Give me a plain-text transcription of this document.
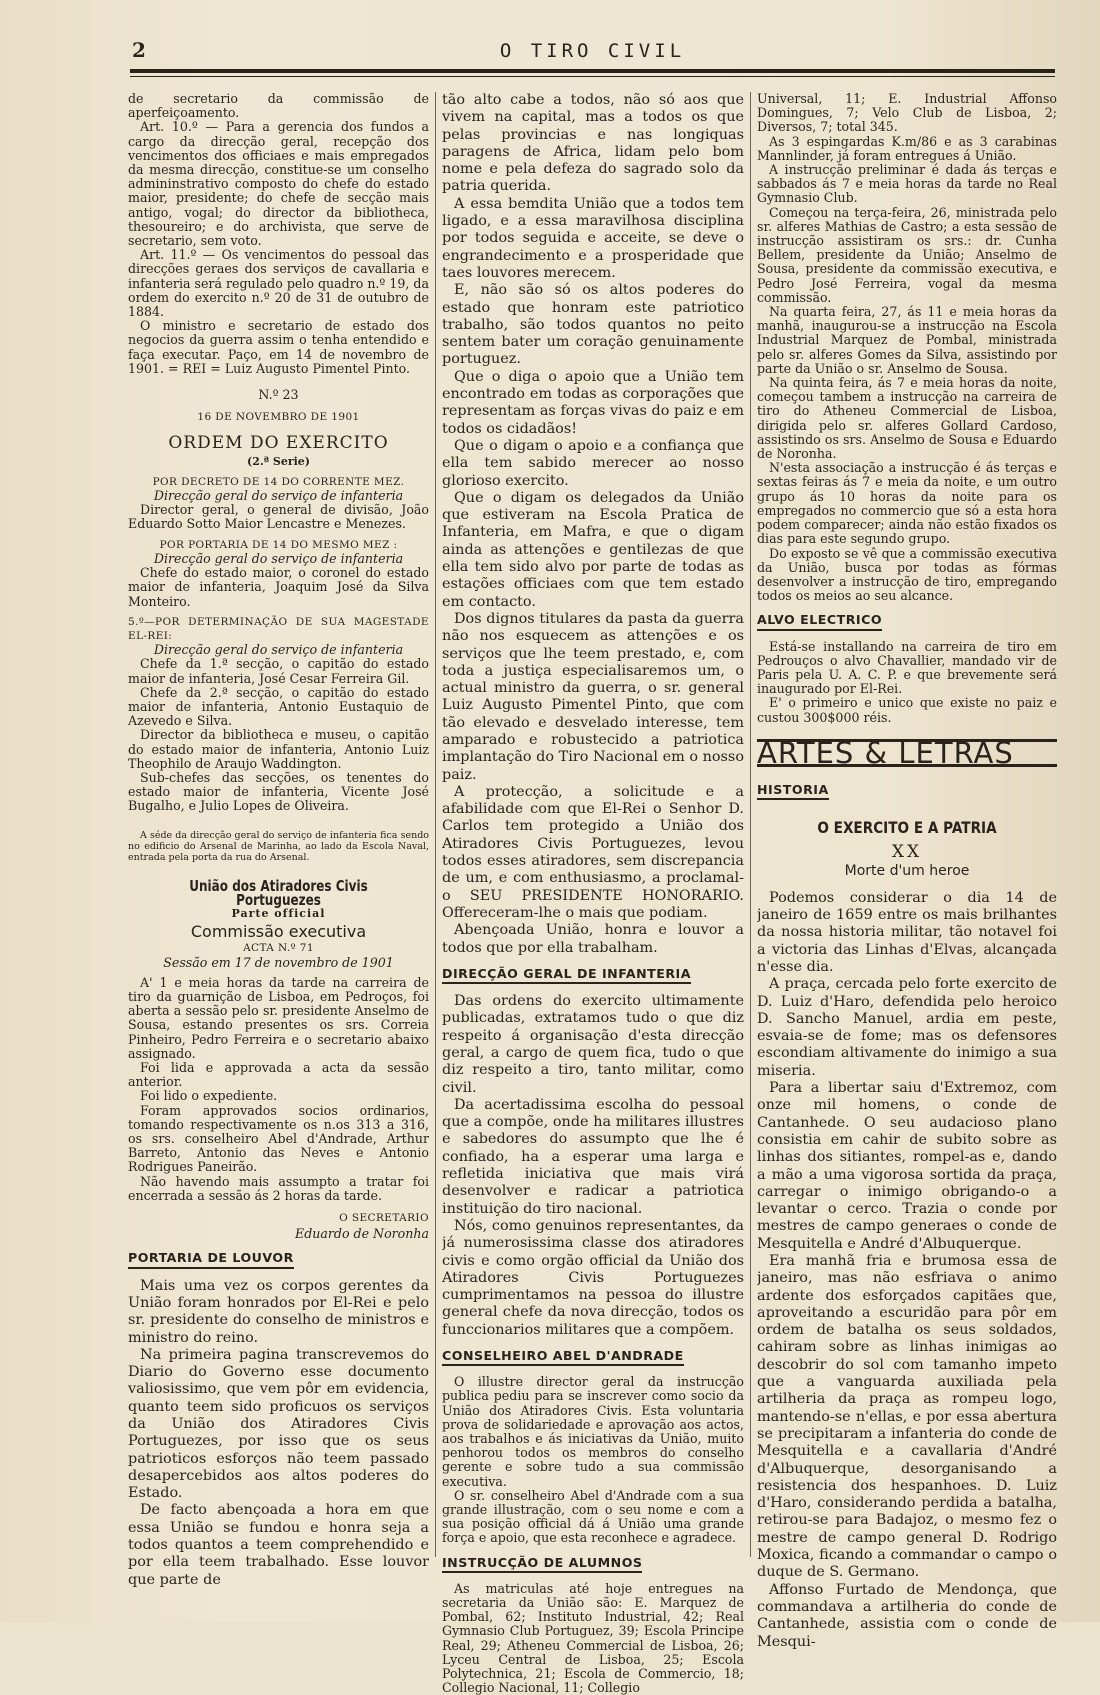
2	O TIRO CIVIL

de secretario da commissão de aperfeiçoamento.

Art. 10.º — Para a gerencia dos fundos a cargo da direcção geral, recepção dos vencimentos dos officiaes e mais empregados da mesma direcção, constitue-se um conselho admininstrativo composto do chefe do estado maior, presidente; do chefe de secção mais antigo, vogal; do director da bibliotheca, thesoureiro; e do archivista, que serve de secretario, sem voto.

Art. 11.º — Os vencimentos do pessoal das direcções geraes dos serviços de cavallaria e infanteria será regulado pelo quadro n.º 19, da ordem do exercito n.º 20 de 31 de outubro de 1884.

O ministro e secretario de estado dos negocios da guerra assim o tenha entendido e faça executar. Paço, em 14 de novembro de 1901. = REI = Luiz Augusto Pimentel Pinto.

N.º 23

16 DE NOVEMBRO DE 1901

ORDEM DO EXERCITO

(2.ª Serie)

POR DECRETO DE 14 DO CORRENTE MEZ.

Direcção geral do serviço de infanteria

Director geral, o general de divisão, João Eduardo Sotto Maior Lencastre e Menezes.

POR PORTARIA DE 14 DO MESMO MEZ :

Direcção geral do serviço de infanteria

Chefe do estado maior, o coronel do estado maior de infanteria, Joaquim José da Silva Monteiro.

5.º—POR DETERMINAÇÃO DE SUA MAGESTADE EL-REI:

Direcção geral do serviço de infanteria

Chefe da 1.ª secção, o capitão do estado maior de infanteria, José Cesar Ferreira Gil.

Chefe da 2.ª secção, o capitão do estado maior de infanteria, Antonio Eustaquio de Azevedo e Silva.

Director da bibliotheca e museu, o capitão do estado maior de infanteria, Antonio Luiz Theophilo de Araujo Waddington.

Sub-chefes das secções, os tenentes do estado maior de infanteria, Vicente José Bugalho, e Julio Lopes de Oliveira.

A séde da direcção geral do serviço de infanteria fica sendo no edificio do Arsenal de Marinha, ao lado da Escola Naval, entrada pela porta da rua do Arsenal.

União dos Atiradores Civis Portuguezes
Parte official
Commissão executiva

ACTA N.º 71

Sessão em 17 de novembro de 1901

A' 1 e meia horas da tarde na carreira de tiro da guarnição de Lisboa, em Pedroços, foi aberta a sessão pelo sr. presidente Anselmo de Sousa, estando presentes os srs. Correia Pinheiro, Pedro Ferreira e o secretario abaixo assignado.

Foi lida e approvada a acta da sessão anterior.

Foi lido o expediente.

Foram approvados socios ordinarios, tomando respectivamente os n.os 313 a 316, os srs. conselheiro Abel d'Andrade, Arthur Barreto, Antonio das Neves e Antonio Rodrigues Paneirão.

Não havendo mais assumpto a tratar foi encerrada a sessão ás 2 horas da tarde.

O SECRETARIO

Eduardo de Noronha

PORTARIA DE LOUVOR

Mais uma vez os corpos gerentes da União foram honrados por El-Rei e pelo sr. presidente do conselho de ministros e ministro do reino.

Na primeira pagina transcrevemos do Diario do Governo esse documento valiosissimo, que vem pôr em evidencia, quanto teem sido proficuos os serviços da União dos Atiradores Civis Portuguezes, por isso que os seus patrioticos esforços não teem passado desapercebidos aos altos poderes do Estado.

De facto abençoada a hora em que essa União se fundou e honra seja a todos quantos a teem comprehendido e por ella teem trabalhado. Esse louvor que parte de

tão alto cabe a todos, não só aos que vivem na capital, mas a todos os que pelas provincias e nas longiquas paragens de Africa, lidam pelo bom nome e pela defeza do sagrado solo da patria querida.

A essa bemdita União que a todos tem ligado, e a essa maravilhosa disciplina por todos seguida e acceite, se deve o engrandecimento e a prosperidade que taes louvores merecem.

E, não são só os altos poderes do estado que honram este patriotico trabalho, são todos quantos no peito sentem bater um coração genuinamente portuguez.

Que o diga o apoio que a União tem encontrado em todas as corporações que representam as forças vivas do paiz e em todos os cidadãos!

Que o digam o apoio e a confiança que ella tem sabido merecer ao nosso glorioso exercito.

Que o digam os delegados da União que estiveram na Escola Pratica de Infanteria, em Mafra, e que o digam ainda as attenções e gentilezas de que ella tem sido alvo por parte de todas as estações officiaes com que tem estado em contacto.

Dos dignos titulares da pasta da guerra não nos esquecem as attenções e os serviços que lhe teem prestado, e, com toda a justiça especialisaremos um, o actual ministro da guerra, o sr. general Luiz Augusto Pimentel Pinto, que com tão elevado e desvelado interesse, tem amparado e robustecido a patriotica implantação do Tiro Nacional em o nosso paiz.

A protecção, a solicitude e a afabilidade com que El-Rei o Senhor D. Carlos tem protegido a União dos Atiradores Civis Portuguezes, levou todos esses atiradores, sem discrepancia de um, e com enthusiasmo, a proclamal-o SEU PRESIDENTE HONORARIO. Offereceram-lhe o mais que podiam.

Abençoada União, honra e louvor a todos que por ella trabalham.

DIRECÇÃO GERAL DE INFANTERIA

Das ordens do exercito ultimamente publicadas, extratamos tudo o que diz respeito á organisação d'esta direcção geral, a cargo de quem fica, tudo o que diz respeito a tiro, tanto militar, como civil.

Da acertadissima escolha do pessoal que a compõe, onde ha militares illustres e sabedores do assumpto que lhe é confiado, ha a esperar uma larga e refletida iniciativa que mais virá desenvolver e radicar a patriotica instituição do tiro nacional.

Nós, como genuinos representantes, da já numerosissima classe dos atiradores civis e como orgão official da União dos Atiradores Civis Portuguezes cumprimentamos na pessoa do illustre general chefe da nova direcção, todos os funccionarios militares que a compõem.

CONSELHEIRO ABEL D'ANDRADE

O illustre director geral da instrucção publica pediu para se inscrever como socio da União dos Atiradores Civis. Esta voluntaria prova de solidariedade e aprovação aos actos, aos trabalhos e ás iniciativas da União, muito penhorou todos os membros do conselho gerente e sobre tudo a sua commissão executiva.

O sr. conselheiro Abel d'Andrade com a sua grande illustração, com o seu nome e com a sua posição official dá á União uma grande força e apoio, que esta reconhece e agradece.

INSTRUCÇÃO DE ALUMNOS

As matriculas até hoje entregues na secretaria da União são: E. Marquez de Pombal, 62; Instituto Industrial, 42; Real Gymnasio Club Portuguez, 39; Escola Principe Real, 29; Atheneu Commercial de Lisboa, 26; Lyceu Central de Lisboa, 25; Escola Polytechnica, 21; Escola de Commercio, 18; Collegio Nacional, 11; Collegio

Universal, 11; E. Industrial Affonso Domingues, 7; Velo Club de Lisboa, 2; Diversos, 7; total 345.

As 3 espingardas K.m/86 e as 3 carabinas Mannlinder, já foram entregues á União.

A instrucção preliminar é dada ás terças e sabbados ás 7 e meia horas da tarde no Real Gymnasio Club.

Começou na terça-feira, 26, ministrada pelo sr. alferes Mathias de Castro; a esta sessão de instrucção assistiram os srs.: dr. Cunha Bellem, presidente da União; Anselmo de Sousa, presidente da commissão executiva, e Pedro José Ferreira, vogal da mesma commissão.

Na quarta feira, 27, ás 11 e meia horas da manhã, inaugurou-se a instrucção na Escola Industrial Marquez de Pombal, ministrada pelo sr. alferes Gomes da Silva, assistindo por parte da União o sr. Anselmo de Sousa.

Na quinta feira, ás 7 e meia horas da noite, começou tambem a instrucção na carreira de tiro do Atheneu Commercial de Lisboa, dirigida pelo sr. alferes Gollard Cardoso, assistindo os srs. Anselmo de Sousa e Eduardo de Noronha.

N'esta associação a instrucção é ás terças e sextas feiras ás 7 e meia da noite, e um outro grupo ás 10 horas da noite para os empregados no commercio que só a esta hora podem comparecer; ainda não estão fixados os dias para este segundo grupo.

Do exposto se vê que a commissão executiva da União, busca por todas as fórmas desenvolver a instrucção de tiro, empregando todos os meios ao seu alcance.

ALVO ELECTRICO

Está-se installando na carreira de tiro em Pedrouços o alvo Chavallier, mandado vir de Paris pela U. A. C. P. e que brevemente será inaugurado por El-Rei.

E' o primeiro e unico que existe no paiz e custou 300$000 réis.

ARTES & LETRAS
HISTORIA
O EXERCITO E A PATRIA
XX
Morte d'um heroe

Podemos considerar o dia 14 de janeiro de 1659 entre os mais brilhantes da nossa historia militar, tão notavel foi a victoria das Linhas d'Elvas, alcançada n'esse dia.

A praça, cercada pelo forte exercito de D. Luiz d'Haro, defendida pelo heroico D. Sancho Manuel, ardia em peste, esvaia-se de fome; mas os defensores escondiam altivamente do inimigo a sua miseria.

Para a libertar saiu d'Extremoz, com onze mil homens, o conde de Cantanhede. O seu audacioso plano consistia em cahir de subito sobre as linhas dos sitiantes, rompel-as e, dando a mão a uma vigorosa sortida da praça, carregar o inimigo obrigando-o a levantar o cerco. Trazia o conde por mestres de campo generaes o conde de Mesquitella e André d'Albuquerque.

Era manhã fria e brumosa essa de janeiro, mas não esfriava o animo ardente dos esforçados capitães que, aproveitando a escuridão para pôr em ordem de batalha os seus soldados, cahiram sobre as linhas inimigas ao descobrir do sol com tamanho impeto que a vanguarda auxiliada pela artilheria da praça as rompeu logo, mantendo-se n'ellas, e por essa abertura se precipitaram a infanteria do conde de Mesquitella e a cavallaria d'André d'Albuquerque, desorganisando a resistencia dos hespanhoes. D. Luiz d'Haro, considerando perdida a batalha, retirou-se para Badajoz, o mesmo fez o mestre de campo general D. Rodrigo Moxica, ficando a commandar o campo o duque de S. Germano.

Affonso Furtado de Mendonça, que commandava a artilheria do conde de Cantanhede, assistia com o conde de Mesqui-
